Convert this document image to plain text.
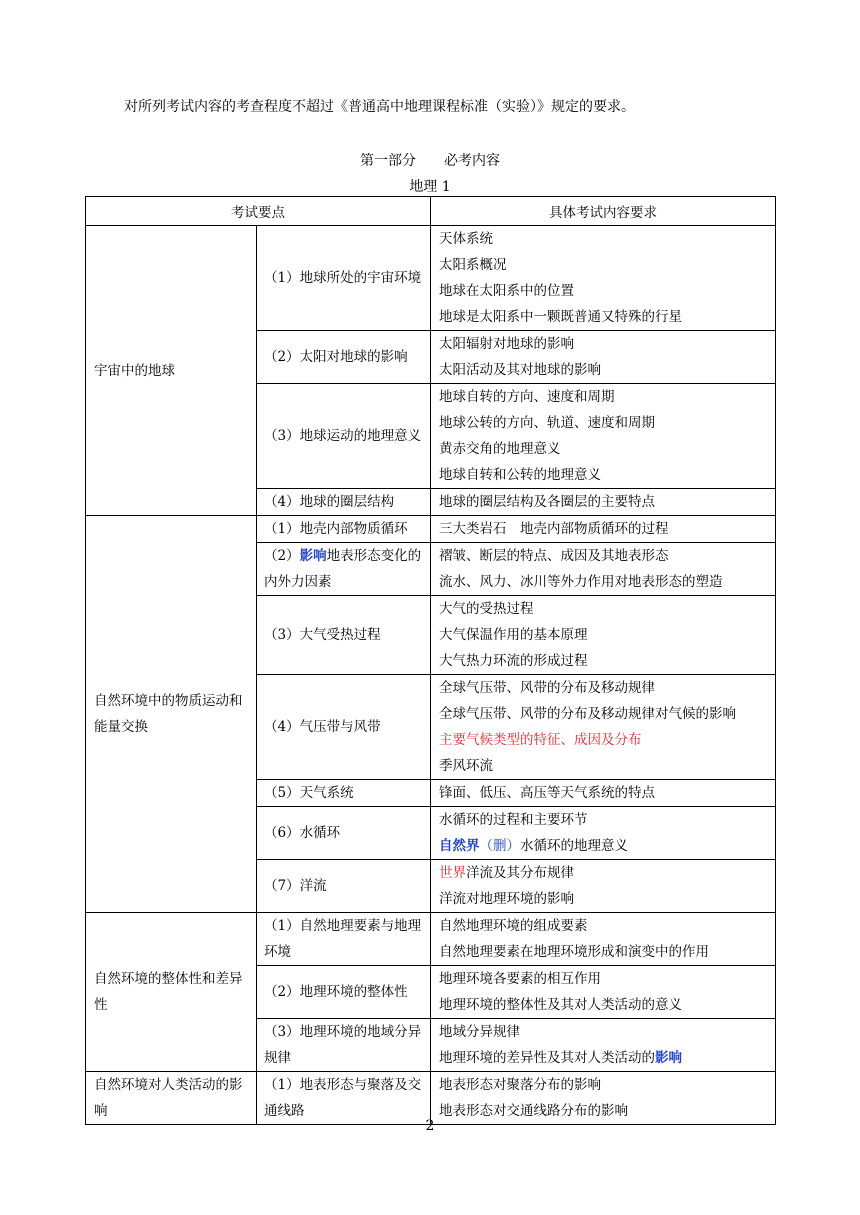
对所列考试内容的考查程度不超过《普通高中地理课程标准（实验）》规定的要求。
第一部分　　必考内容
地理 1
考试要点		具体考试内容要求
宇宙中的地球	（1）地球所处的宇宙环境	天体系统
太阳系概况
地球在太阳系中的位置
地球是太阳系中一颗既普通又特殊的行星

	（2）太阳对地球的影响	太阳辐射对地球的影响
太阳活动及其对地球的影响

	（3）地球运动的地理意义	地球自转的方向、速度和周期
地球公转的方向、轨道、速度和周期
黄赤交角的地理意义
地球自转和公转的地理意义

	（4）地球的圈层结构	地球的圈层结构及各圈层的主要特点

自然环境中的物质运动和能量交换	（1）地壳内部物质循环	三大类岩石　地壳内部物质循环的过程

	（2）影响地表形态变化的内外力因素	褶皱、断层的特点、成因及其地表形态
流水、风力、冰川等外力作用对地表形态的塑造

	（3）大气受热过程	大气的受热过程
大气保温作用的基本原理
大气热力环流的形成过程

	（4）气压带与风带	全球气压带、风带的分布及移动规律
全球气压带、风带的分布及移动规律对气候的影响
主要气候类型的特征、成因及分布
季风环流

	（5）天气系统	锋面、低压、高压等天气系统的特点

	（6）水循环	水循环的过程和主要环节
自然界（删）水循环的地理意义

	（7）洋流	世界洋流及其分布规律
洋流对地理环境的影响

自然环境的整体性和差异性	（1）自然地理要素与地理环境	自然地理环境的组成要素
自然地理要素在地理环境形成和演变中的作用

	（2）地理环境的整体性	地理环境各要素的相互作用
地理环境的整体性及其对人类活动的意义

	（3）地理环境的地域分异规律	地域分异规律
地理环境的差异性及其对人类活动的影响

自然环境对人类活动的影响	（1）地表形态与聚落及交通线路	地表形态对聚落分布的影响
地表形态对交通线路分布的影响
2
